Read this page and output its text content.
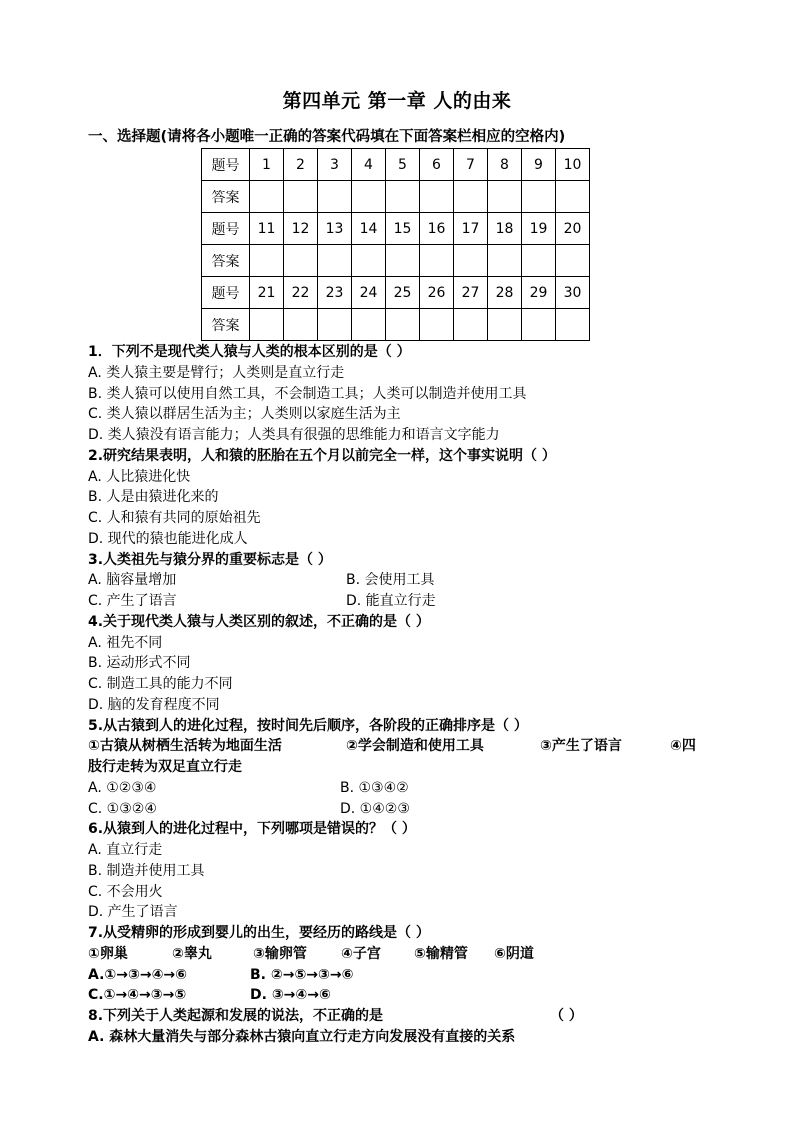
第四单元 第一章 人的由来
一、选择题(请将各小题唯一正确的答案代码填在下面答案栏相应的空格内)
题号	1	2	3	4	5	6	7	8	9	10
答案										
题号	11	12	13	14	15	16	17	18	19	20
答案										
题号	21	22	23	24	25	26	27	28	29	30
答案										
1．下列不是现代类人猿与人类的根本区别的是（ ）
A. 类人猿主要是臂行；人类则是直立行走
B. 类人猿可以使用自然工具，不会制造工具；人类可以制造并使用工具
C. 类人猿以群居生活为主；人类则以家庭生活为主
D. 类人猿没有语言能力；人类具有很强的思维能力和语言文字能力
2.研究结果表明，人和猿的胚胎在五个月以前完全一样，这个事实说明（ ）
A. 人比猿进化快
B. 人是由猿进化来的
C. 人和猿有共同的原始祖先
D. 现代的猿也能进化成人
3.人类祖先与猿分界的重要标志是（ ）
A. 脑容量增加	B. 会使用工具
C. 产生了语言	D. 能直立行走
4.关于现代类人猿与人类区别的叙述，不正确的是（ ）
A. 祖先不同
B. 运动形式不同
C. 制造工具的能力不同
D. 脑的发育程度不同
5.从古猿到人的进化过程，按时间先后顺序，各阶段的正确排序是（ ）
①古猿从树栖生活转为地面生活	②学会制造和使用工具	③产生了语言	④四
肢行走转为双足直立行走
A. ①②③④	B. ①③④②
C. ①③②④	D. ①④②③
6.从猿到人的进化过程中，下列哪项是错误的？（ ）
A. 直立行走
B. 制造并使用工具
C. 不会用火
D. 产生了语言
7.从受精卵的形成到婴儿的出生，要经历的路线是（ ）
①卵巢	②睾丸	③输卵管 ④子宫 ⑤输精管 ⑥阴道
A.①→③→④→⑥	B. ②→⑤→③→⑥
C.①→④→③→⑤	D. ③→④→⑥
8.下列关于人类起源和发展的说法，不正确的是	（ ）
A. 森林大量消失与部分森林古猿向直立行走方向发展没有直接的关系
